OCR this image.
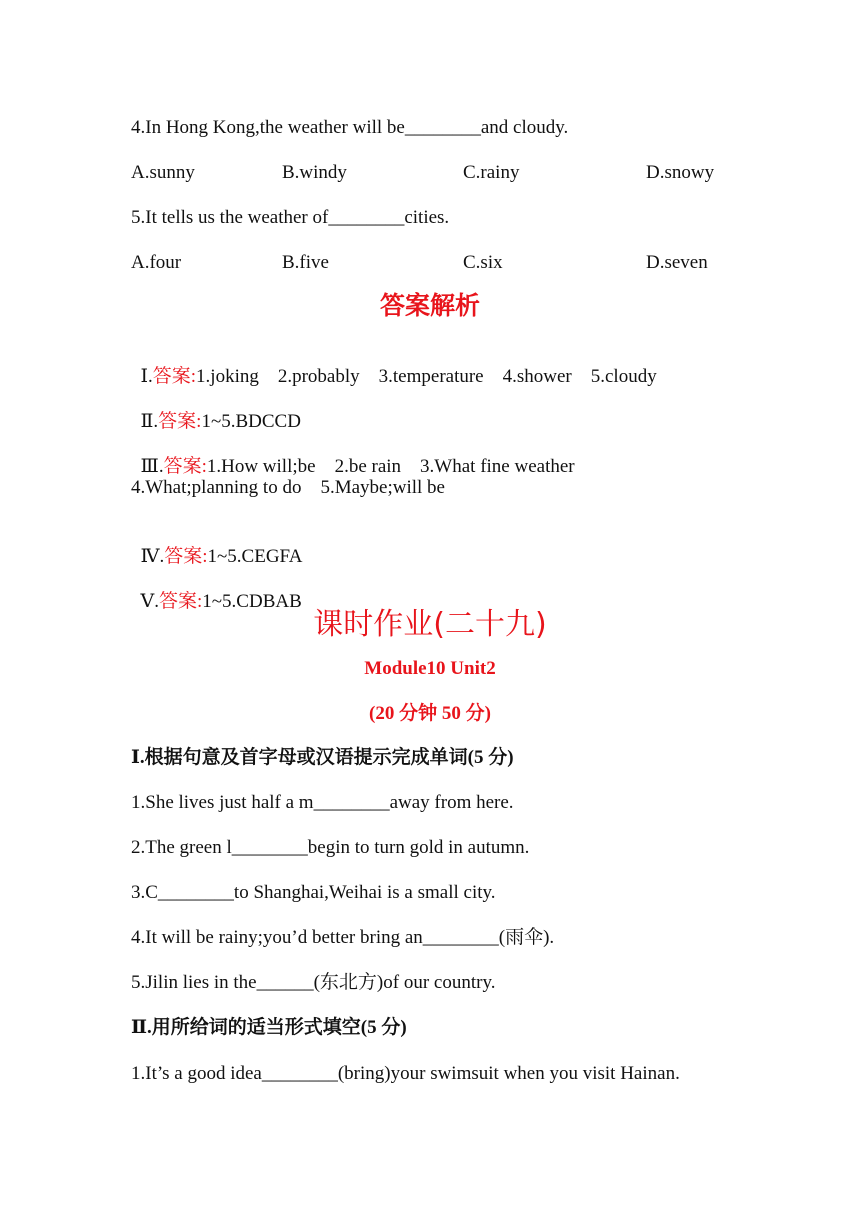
4.In Hong Kong,the weather will be________and cloudy.
A.sunny	B.windy	C.rainy	D.snowy
5.It tells us the weather of________cities.
A.four	B.five	C.six	D.seven
答案解析

Ⅰ.答案:1.joking    2.probably    3.temperature    4.shower    5.cloudy

Ⅱ.答案:1~5.BDCCD

Ⅲ.答案:1.How will;be    2.be rain    3.What fine weather

4.What;planning to do    5.Maybe;will be

Ⅳ.答案:1~5.CEGFA

Ⅴ.答案:1~5.CDBAB

课时作业(二十九)
Module10 Unit2
(20 分钟 50 分)
Ⅰ.根据句意及首字母或汉语提示完成单词(5 分)
1.She lives just half a m________away from here.
2.The green l________begin to turn gold in autumn.
3.C________to Shanghai,Weihai is a small city.
4.It will be rainy;you’d better bring an________(雨伞).
5.Jilin lies in the______(东北方)of our country.
Ⅱ.用所给词的适当形式填空(5 分)
1.It’s a good idea________(bring)your swimsuit when you visit Hainan.
